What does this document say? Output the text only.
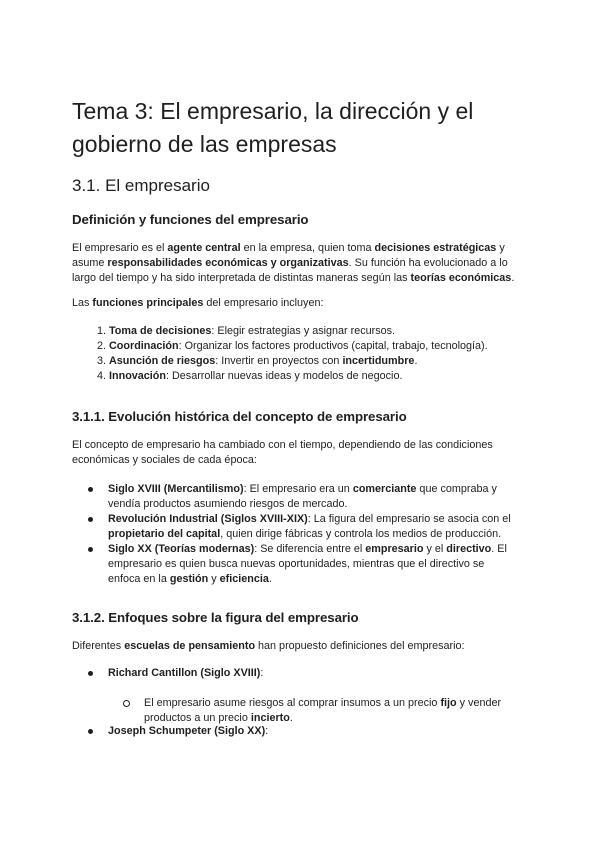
Tema 3: El empresario, la dirección y el gobierno de las empresas
3.1. El empresario
Definición y funciones del empresario

El empresario es el agente central en la empresa, quien toma decisiones estratégicas y asume responsabilidades económicas y organizativas. Su función ha evolucionado a lo largo del tiempo y ha sido interpretada de distintas maneras según las teorías económicas.

Las funciones principales del empresario incluyen:

1. Toma de decisiones: Elegir estrategias y asignar recursos.
2. Coordinación: Organizar los factores productivos (capital, trabajo, tecnología).
3. Asunción de riesgos: Invertir en proyectos con incertidumbre.
4. Innovación: Desarrollar nuevas ideas y modelos de negocio.
3.1.1. Evolución histórica del concepto de empresario

El concepto de empresario ha cambiado con el tiempo, dependiendo de las condiciones económicas y sociales de cada época:

Siglo XVIII (Mercantilismo): El empresario era un comerciante que compraba y vendía productos asumiendo riesgos de mercado.
Revolución Industrial (Siglos XVIII-XIX): La figura del empresario se asocia con el propietario del capital, quien dirige fábricas y controla los medios de producción.
Siglo XX (Teorías modernas): Se diferencia entre el empresario y el directivo. El empresario es quien busca nuevas oportunidades, mientras que el directivo se enfoca en la gestión y eficiencia.
3.1.2. Enfoques sobre la figura del empresario

Diferentes escuelas de pensamiento han propuesto definiciones del empresario:

Richard Cantillon (Siglo XVIII):
El empresario asume riesgos al comprar insumos a un precio fijo y vender productos a un precio incierto.
Joseph Schumpeter (Siglo XX):
